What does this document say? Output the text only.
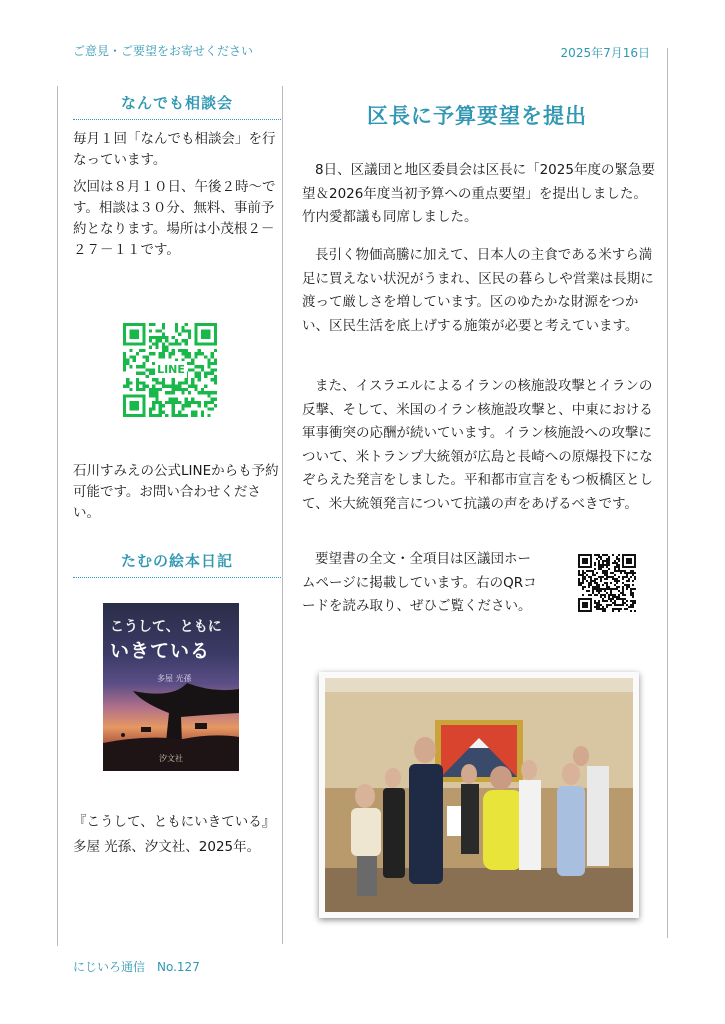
ご意見・ご要望をお寄せください	2025年7月16日
なんでも相談会

毎月１回「なんでも相談会」を行なっています。

次回は８月１０日、午後２時〜です。相談は３０分、無料、事前予約となります。場所は小茂根２－２７－１１です。

LINE

石川すみえの公式LINEからも予約可能です。お問い合わせください。

たむの絵本日記
こうして、ともに
いきている
多屋 光孫
汐文社

『こうして、ともにいきている』

多屋 光孫、汐文社、2025年。

区長に予算要望を提出
8日、区議団と地区委員会は区長に「2025年度の緊急要望＆2026年度当初予算への重点要望」を提出しました。竹内愛都議も同席しました。
長引く物価高騰に加えて、日本人の主食である米すら満足に買えない状況がうまれ、区民の暮らしや営業は長期に渡って厳しさを増しています。区のゆたかな財源をつかい、区民生活を底上げする施策が必要と考えています。
また、イスラエルによるイランの核施設攻撃とイランの反撃、そして、米国のイラン核施設攻撃と、中東における軍事衝突の応酬が続いています。イラン核施設への攻撃について、米トランプ大統領が広島と長崎への原爆投下になぞらえた発言をしました。平和都市宣言をもつ板橋区として、米大統領発言について抗議の声をあげるべきです。
要望書の全文・全項目は区議団ホームページに掲載しています。右のQRコードを読み取り、ぜひご覧ください。
にじいろ通信　No.127
